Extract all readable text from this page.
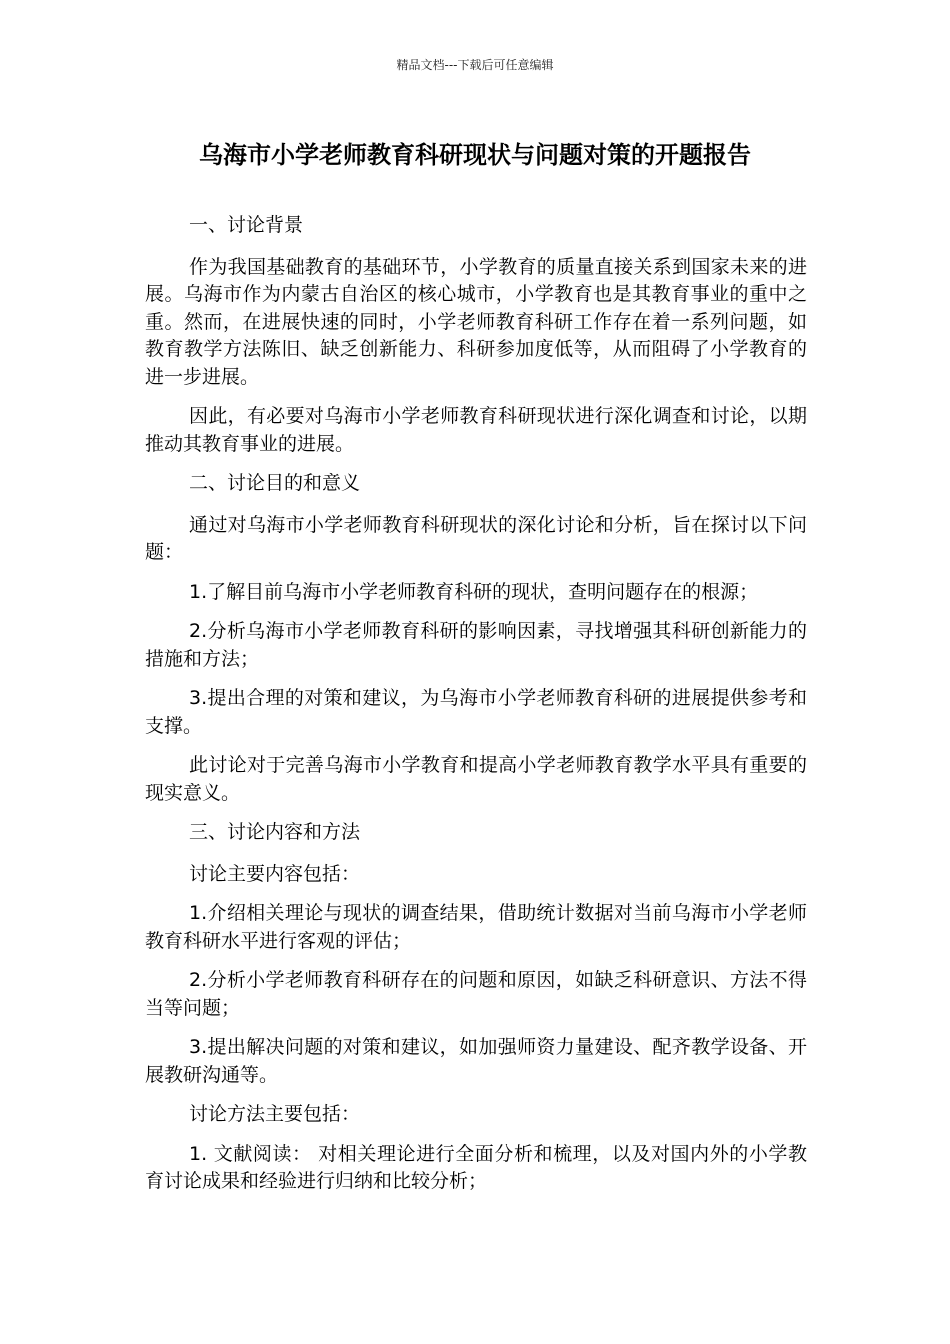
精品文档---下载后可任意编辑

乌海市小学老师教育科研现状与问题对策的开题报告

一、讨论背景

作为我国基础教育的基础环节，小学教育的质量直接关系到国家未来的进展。乌海市作为内蒙古自治区的核心城市，小学教育也是其教育事业的重中之重。然而，在进展快速的同时，小学老师教育科研工作存在着一系列问题，如教育教学方法陈旧、缺乏创新能力、科研参加度低等，从而阻碍了小学教育的进一步进展。

因此，有必要对乌海市小学老师教育科研现状进行深化调查和讨论，以期推动其教育事业的进展。

二、讨论目的和意义

通过对乌海市小学老师教育科研现状的深化讨论和分析，旨在探讨以下问题：

1.了解目前乌海市小学老师教育科研的现状，查明问题存在的根源；

2.分析乌海市小学老师教育科研的影响因素，寻找增强其科研创新能力的措施和方法；

3.提出合理的对策和建议，为乌海市小学老师教育科研的进展提供参考和支撑。

此讨论对于完善乌海市小学教育和提高小学老师教育教学水平具有重要的现实意义。

三、讨论内容和方法

讨论主要内容包括：

1.介绍相关理论与现状的调查结果，借助统计数据对当前乌海市小学老师教育科研水平进行客观的评估；

2.分析小学老师教育科研存在的问题和原因，如缺乏科研意识、方法不得当等问题；

3.提出解决问题的对策和建议，如加强师资力量建设、配齐教学设备、开展教研沟通等。

讨论方法主要包括：

1. 文献阅读： 对相关理论进行全面分析和梳理，以及对国内外的小学教育讨论成果和经验进行归纳和比较分析；
